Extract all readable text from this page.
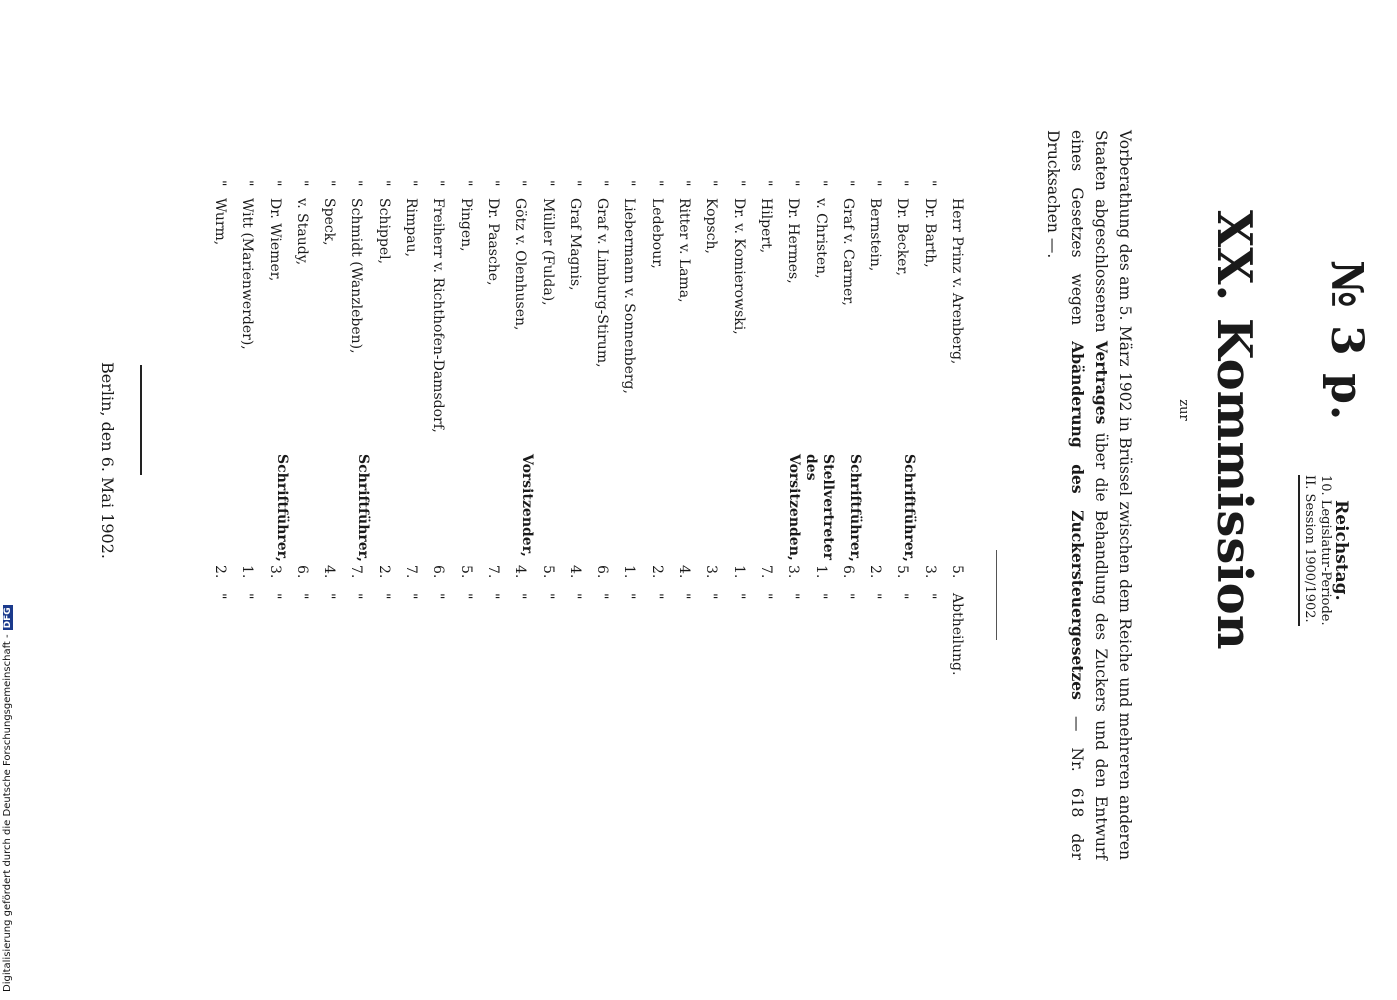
№ 3 p.
Reichstag.
10. Legislatur-Periode.
II. Session 1900/1902.
XX. Kommission
zur
Vorberathung des am 5. März 1902 in Brüssel zwischen dem Reiche und mehreren anderen Staaten abgeschlossenen Vertrages über die Behandlung des Zuckers und den Entwurf eines Gesetzes wegen Abänderung des Zuckersteuergesetzes — Nr. 618 der Drucksachen —.
Herr Prinz v. Arenberg,
5.
Abtheilung.
"
Dr. Barth,
3.
"
"
Dr. Becker,
Schriftführer,
5.
"
"
Bernstein,
2.
"
"
Graf v. Carmer,
Schriftführer,
6.
"
"
v. Christen,
Stellvertreter des Vorsitzenden,
1.
"
"
Dr. Hermes,
3.
"
"
Hilpert,
7.
"
"
Dr. v. Komierowski,
1.
"
"
Kopsch,
3.
"
"
Ritter v. Lama,
4.
"
"
Ledebour,
2.
"
"
Liebermann v. Sonnenberg,
1.
"
"
Graf v. Limburg-Stirum,
6.
"
"
Graf Magnis,
4.
"
"
Müller (Fulda),
5.
"
"
Götz v. Olenhusen,
Vorsitzender,
4.
"
"
Dr. Paasche,
7.
"
"
Pingen,
5.
"
"
Freiherr v. Richthofen-Damsdorf,
6.
"
"
Rimpau,
7.
"
"
Schippel,
2.
"
"
Schmidt (Wanzleben),
Schriftführer,
7.
"
"
Speck,
4.
"
"
v. Staudy,
6.
"
"
Dr. Wiemer,
Schriftführer,
3.
"
"
Witt (Marienwerder),
1.
"
"
Wurm,
2.
"
Berlin, den 6. Mai 1902.
Digitalisierung gefördert durch die Deutsche Forschungsgemeinschaft -DFG
